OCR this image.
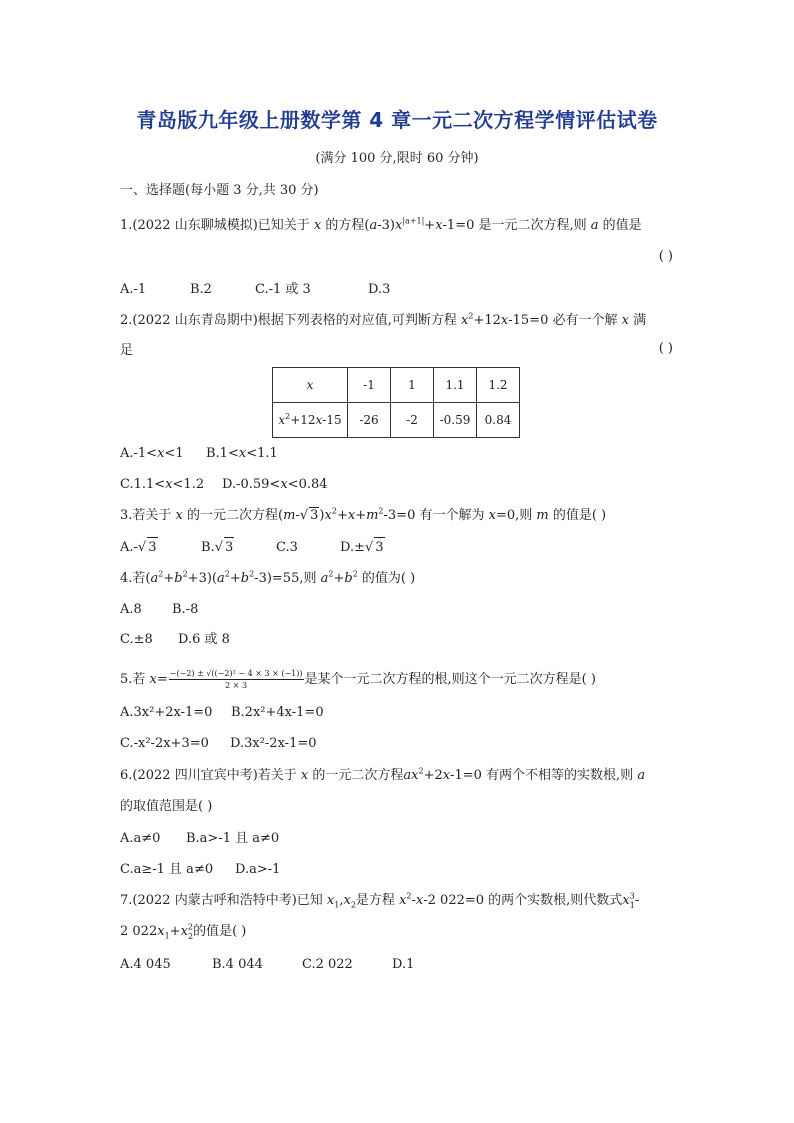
青岛版九年级上册数学第 4 章一元二次方程学情评估试卷
(满分 100 分,限时 60 分钟)
一、选择题(每小题 3 分,共 30 分)
1.(2022 山东聊城模拟)已知关于 x 的方程$(a-3)x^{|a+1|}+x-1=0$ 是一元二次方程,则 a 的值是
( )
A.-1	B.2	C.-1 或 3	D.3
2.(2022 山东青岛期中)根据下列表格的对应值,可判断方程 $x^2+12x-15=0$ 必有一个解 x 满
足	( )
x	-1	1	1.1	1.2
$x^2+12x-15$	-26	-2	-0.59	0.84
A.-1<x<1 B.1<x<1.1
C.1.1<x<1.2 D.-0.59<x<0.84
3.若关于 x 的一元二次方程(m-√ $3)x^2+x+m^2-3=0$ 有一个解为 x=0,则 m 的值是( )
A.-√ 3	B.√ 3	C.3	D.±√ 3
4.若$(a^2+b^2+3)(a^2+b^2-3)=55$,则 $a^2+b^2$ 的值为( )
A.8 B.-8
C.±8 D.6 或 8
5.若 $x= \frac{\text{−(−2) ± √((−2)² − 4 × 3 × (−1))}}{2 \times 3}$ 是某个一元二次方程的根,则这个一元二次方程是( )
A.3x²+2x-1=0 B.2x²+4x-1=0
C.-x²-2x+3=0 D.3x²-2x-1=0
6.(2022 四川宜宾中考)若关于 x 的一元二次方程$ax^2+2x-1=0$ 有两个不相等的实数根,则 a
的取值范围是( )
A.a≠0 B.a>-1 且 a≠0
C.a≥-1 且 a≠0 D.a>-1
7.(2022 内蒙古呼和浩特中考)已知 $x_1,x_2$是方程 $x^2-x-2$ 022=0 的两个实数根,则代数式$x^3_1-$
2 $022x_1+x^2_2$的值是( )
A.4 045	B.4 044	C.2 022	D.1
